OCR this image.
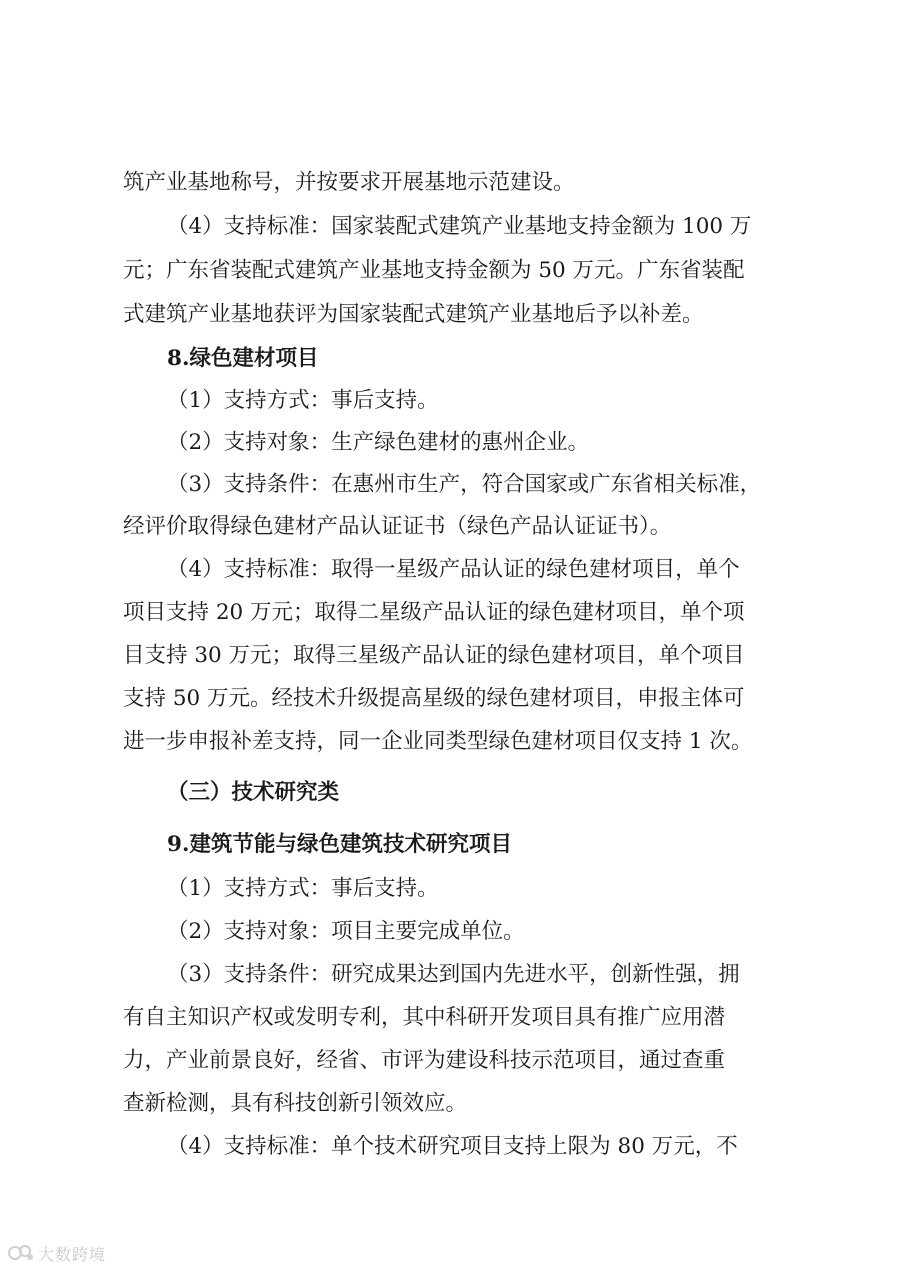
筑产业基地称号，并按要求开展基地示范建设。
（4）支持标准：国家装配式建筑产业基地支持金额为 100 万
元；广东省装配式建筑产业基地支持金额为 50 万元。广东省装配
式建筑产业基地获评为国家装配式建筑产业基地后予以补差。
8.绿色建材项目
（1）支持方式：事后支持。
（2）支持对象：生产绿色建材的惠州企业。
（3）支持条件：在惠州市生产，符合国家或广东省相关标准，
经评价取得绿色建材产品认证证书（绿色产品认证证书）。
（4）支持标准：取得一星级产品认证的绿色建材项目，单个
项目支持 20 万元；取得二星级产品认证的绿色建材项目，单个项
目支持 30 万元；取得三星级产品认证的绿色建材项目，单个项目
支持 50 万元。经技术升级提高星级的绿色建材项目，申报主体可
进一步申报补差支持，同一企业同类型绿色建材项目仅支持 1 次。
（三）技术研究类
9.建筑节能与绿色建筑技术研究项目
（1）支持方式：事后支持。
（2）支持对象：项目主要完成单位。
（3）支持条件：研究成果达到国内先进水平，创新性强，拥
有自主知识产权或发明专利，其中科研开发项目具有推广应用潜
力，产业前景良好，经省、市评为建设科技示范项目，通过查重
查新检测，具有科技创新引领效应。
（4）支持标准：单个技术研究项目支持上限为 80 万元，不
大数跨境
